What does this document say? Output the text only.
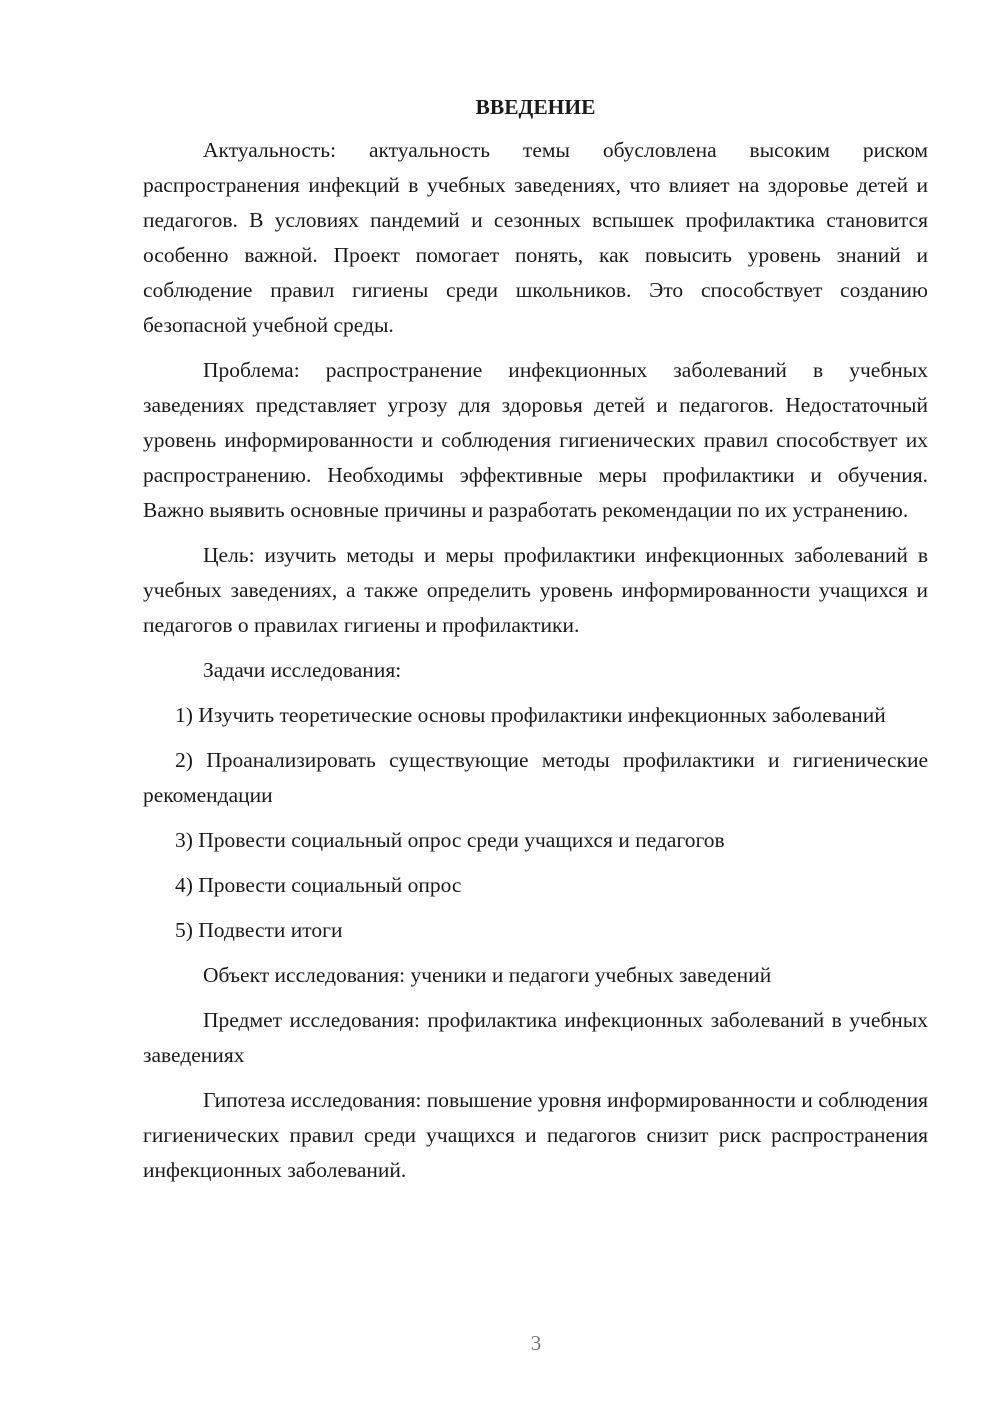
ВВЕДЕНИЕ

Актуальность: актуальность темы обусловлена высоким риском распространения инфекций в учебных заведениях, что влияет на здоровье детей и педагогов. В условиях пандемий и сезонных вспышек профилактика становится особенно важной. Проект помогает понять, как повысить уровень знаний и соблюдение правил гигиены среди школьников. Это способствует созданию безопасной учебной среды.

Проблема: распространение инфекционных заболеваний в учебных заведениях представляет угрозу для здоровья детей и педагогов. Недостаточный уровень информированности и соблюдения гигиенических правил способствует их распространению. Необходимы эффективные меры профилактики и обучения. Важно выявить основные причины и разработать рекомендации по их устранению.

Цель: изучить методы и меры профилактики инфекционных заболеваний в учебных заведениях, а также определить уровень информированности учащихся и педагогов о правилах гигиены и профилактики.

Задачи исследования:

1) Изучить теоретические основы профилактики инфекционных заболеваний

2) Проанализировать существующие методы профилактики и гигиенические рекомендации

3) Провести социальный опрос среди учащихся и педагогов

4) Провести социальный опрос

5) Подвести итоги

Объект исследования: ученики и педагоги учебных заведений

Предмет исследования: профилактика инфекционных заболеваний в учебных заведениях

Гипотеза исследования: повышение уровня информированности и соблюдения гигиенических правил среди учащихся и педагогов снизит риск распространения инфекционных заболеваний.

3
